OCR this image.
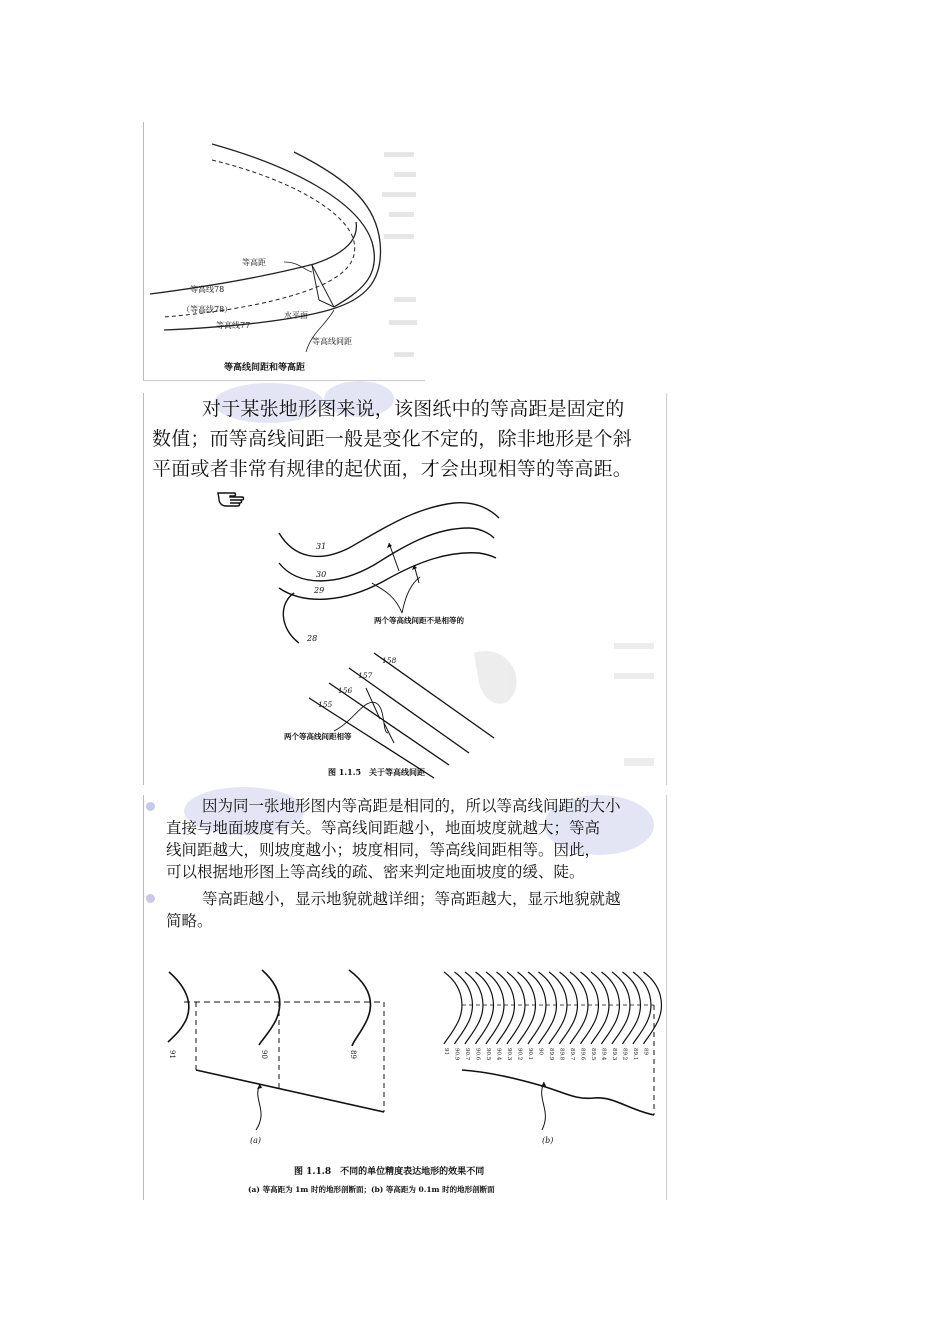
等高距
等高线78
（等高线78）
等高线77
水平面
等高线间距
等高线间距和等高距
对于某张地形图来说，该图纸中的等高距是固定的
数值；而等高线间距一般是变化不定的，除非地形是个斜
平面或者非常有规律的起伏面，才会出现相等的等高距。
31
30
29
28
两个等高线间距不是相等的
158
157
156
155
两个等高线间距相等
图 1.1.5　关于等高线间距
因为同一张地形图内等高距是相同的，所以等高线间距的大小
直接与地面坡度有关。等高线间距越小，地面坡度就越大；等高
线间距越大，则坡度越小；坡度相同，等高线间距相等。因此，
可以根据地形图上等高线的疏、密来判定地面坡度的缓、陡。
等高距越小，显示地貌就越详细；等高距越大，显示地貌就越
简略。
91	90	89
(a)
91 90.9 90.7 90.6 90.5 90.4 90.3 90.2 90.1 90 89.9 89.8 89.7 89.6 89.5 89.4 89.3 89.2 89.1 89
(b)
图 1.1.8　不同的单位精度表达地形的效果不同
(a) 等高距为 1m 时的地形剖断面；(b) 等高距为 0.1m 时的地形剖断面
